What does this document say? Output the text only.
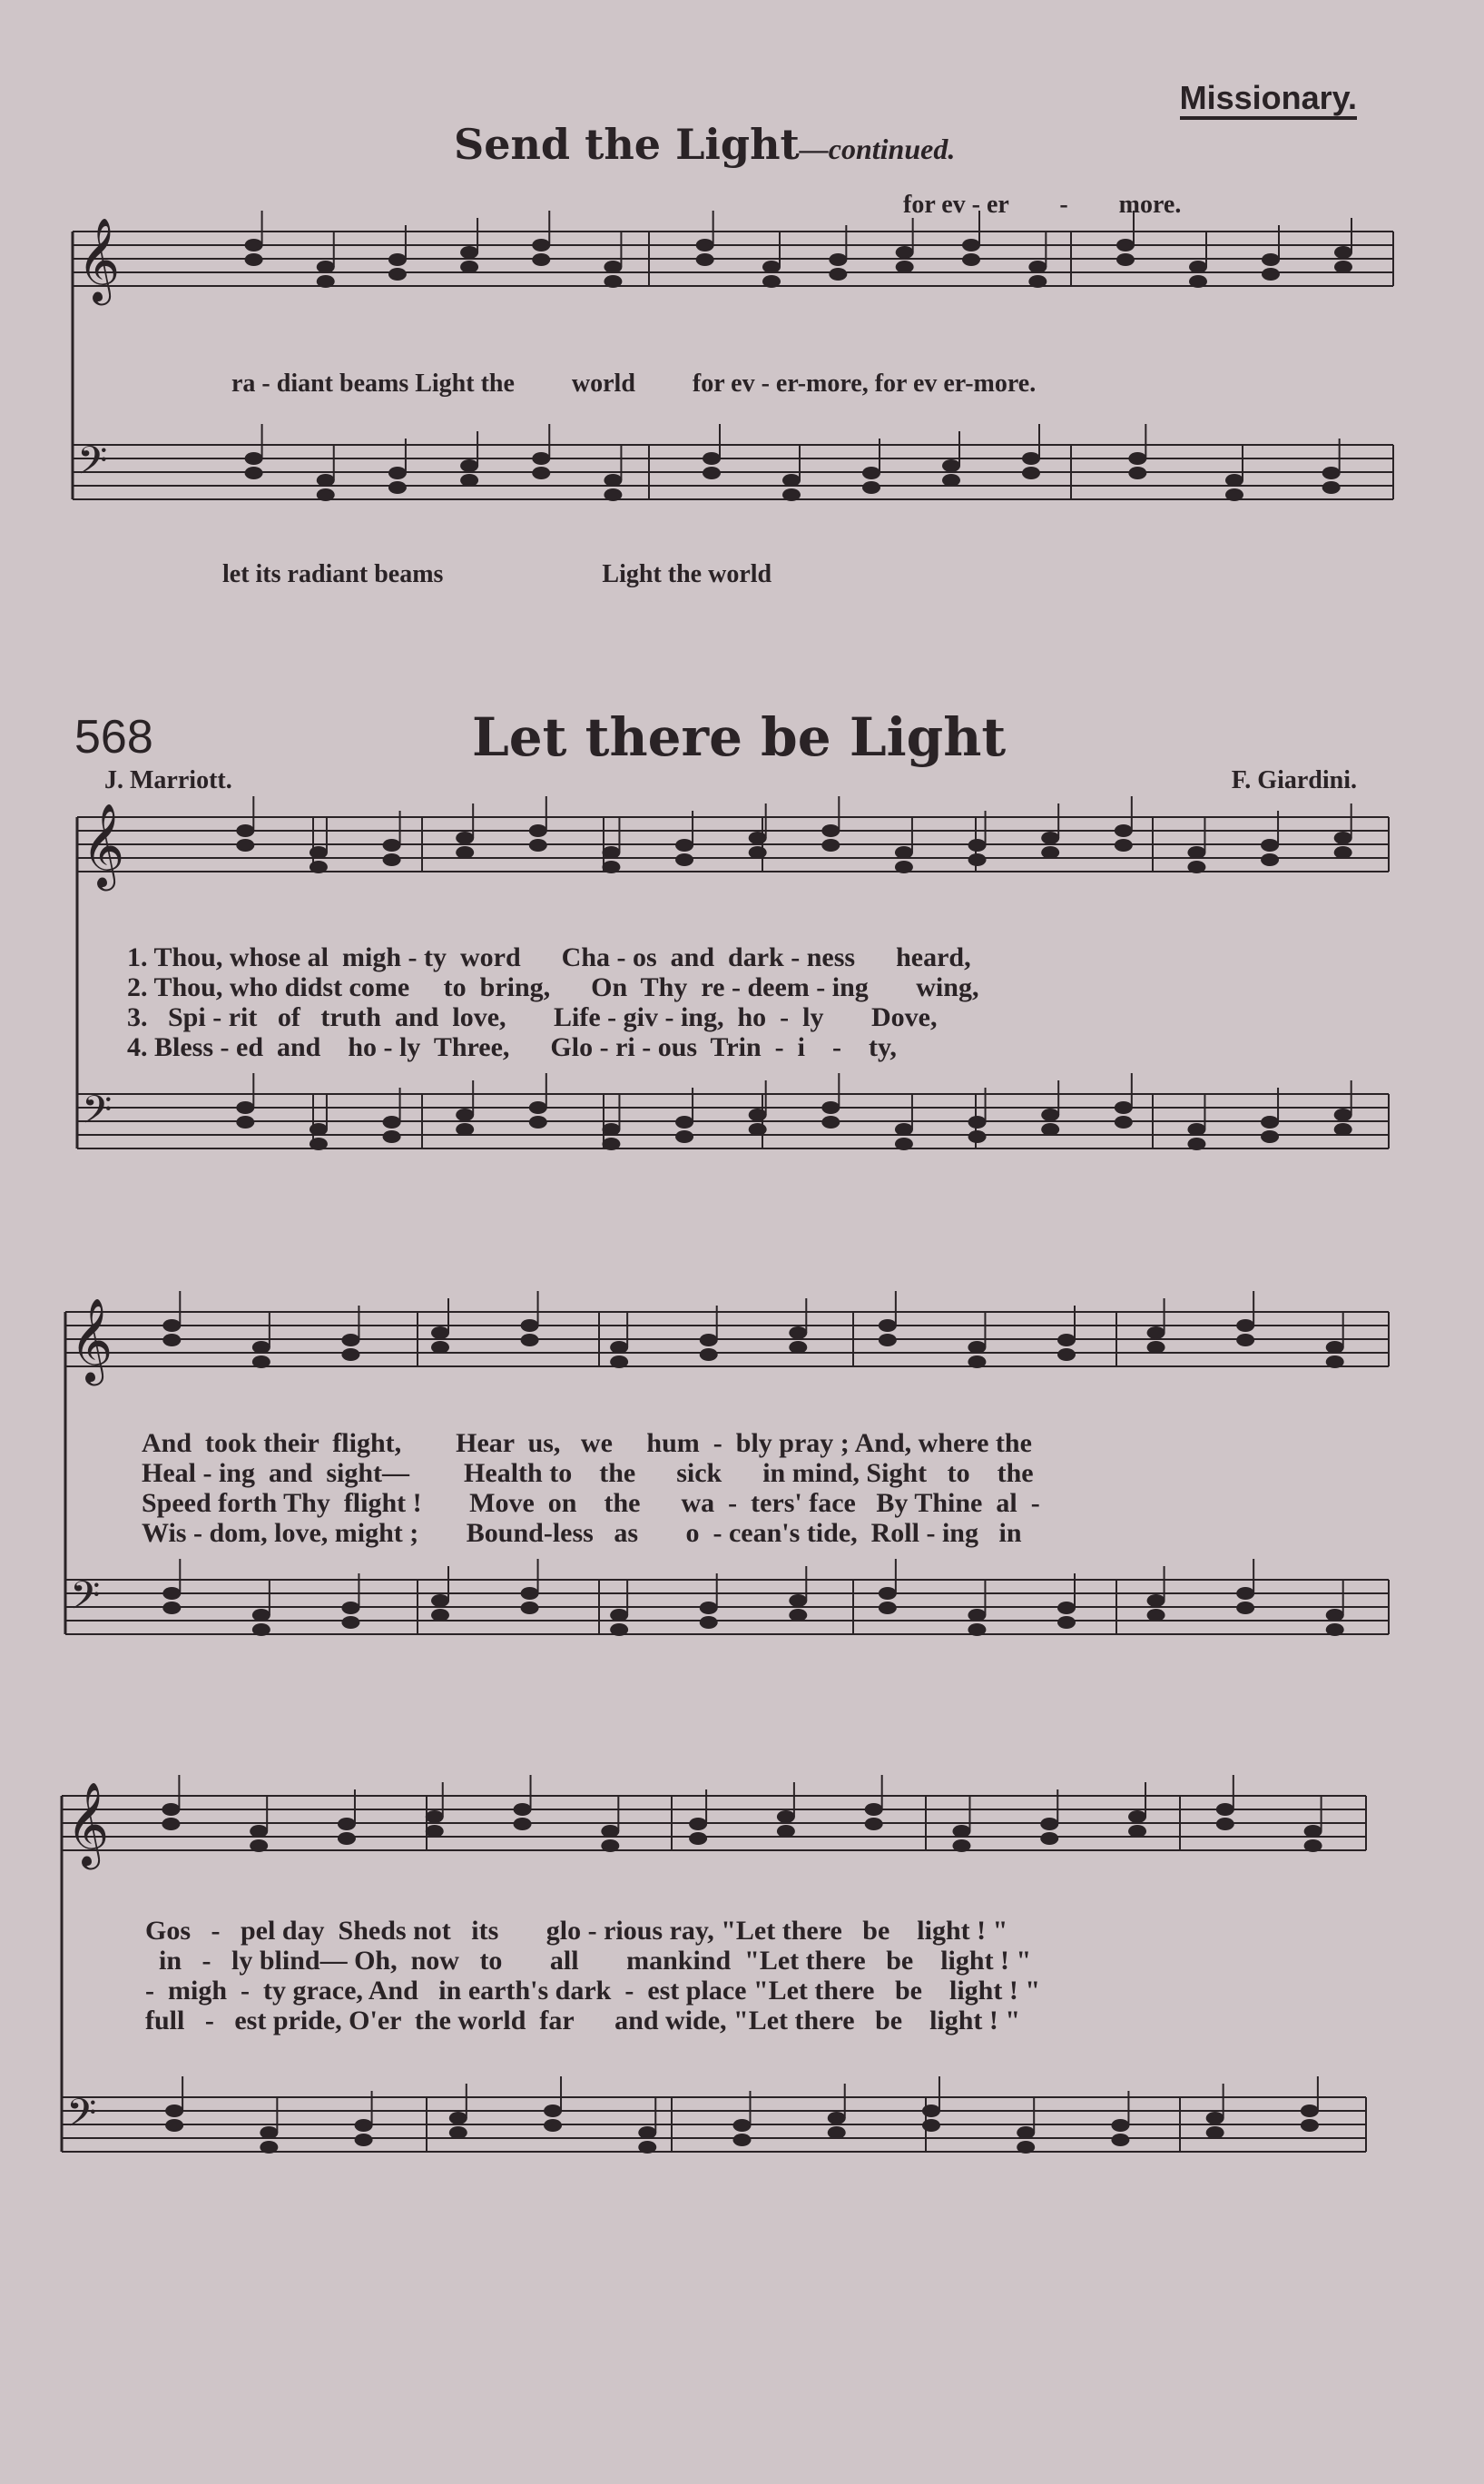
𝄞
𝄢
𝄞
𝄢
𝄞
𝄢
𝄞
𝄢
Missionary.
Send the Light—continued.
for ev - er        -        more.
ra - diant beams Light the         world         for ev - er-more, for ev er-more.
let its radiant beams                         Light the world
568	Let there be Light
J. Marriott.	F. Giardini.
1. Thou, whose al  migh - ty  word      Cha - os  and  dark - ness      heard,
2. Thou, who didst come     to  bring,      On  Thy  re - deem - ing       wing,
3.   Spi - rit   of   truth  and  love,       Life - giv - ing,  ho  -  ly       Dove,
4. Bless - ed  and    ho - ly  Three,      Glo - ri - ous  Trin  -  i    -    ty,
And  took their  flight,        Hear  us,   we     hum  -  bly pray ; And, where the
Heal - ing  and  sight—        Health to    the      sick      in mind, Sight   to    the
Speed forth Thy  flight !       Move  on    the      wa  -  ters' face   By Thine  al  -
Wis - dom, love, might ;       Bound-less   as       o  - cean's tide,  Roll - ing   in
Gos   -   pel day  Sheds not   its       glo - rious ray, "Let there   be    light ! "
in   -   ly blind— Oh,  now   to       all       mankind  "Let there   be    light ! "
-  migh  -  ty grace, And   in earth's dark  -  est place "Let there   be    light ! "
full   -   est pride, O'er  the world  far      and wide, "Let there   be    light ! "
